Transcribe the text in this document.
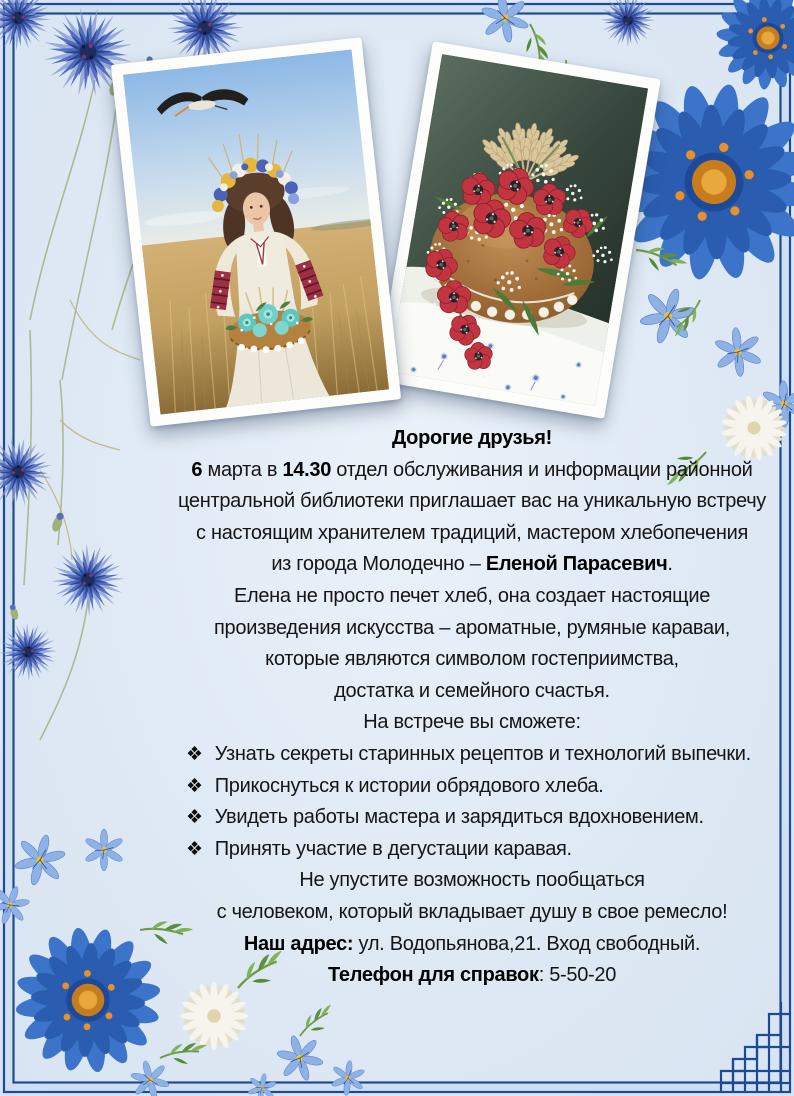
Дорогие друзья!
6 марта в 14.30 отдел обслуживания и информации районной
центральной библиотеки приглашает вас на уникальную встречу
с настоящим хранителем традиций, мастером хлебопечения
из города Молодечно – Еленой Парасевич.
Елена не просто печет хлеб, она создает настоящие
произведения искусства – ароматные, румяные караваи,
которые являются символом гостеприимства,
достатка и семейного счастья.
На встрече вы сможете:
❖ Узнать секреты старинных рецептов и технологий выпечки.
❖ Прикоснуться к истории обрядового хлеба.
❖ Увидеть работы мастера и зарядиться вдохновением.
❖ Принять участие в дегустации каравая.
Не упустите возможность пообщаться
с человеком, который вкладывает душу в свое ремесло!
Наш адрес: ул. Водопьянова,21. Вход свободный.
Телефон для справок: 5-50-20
